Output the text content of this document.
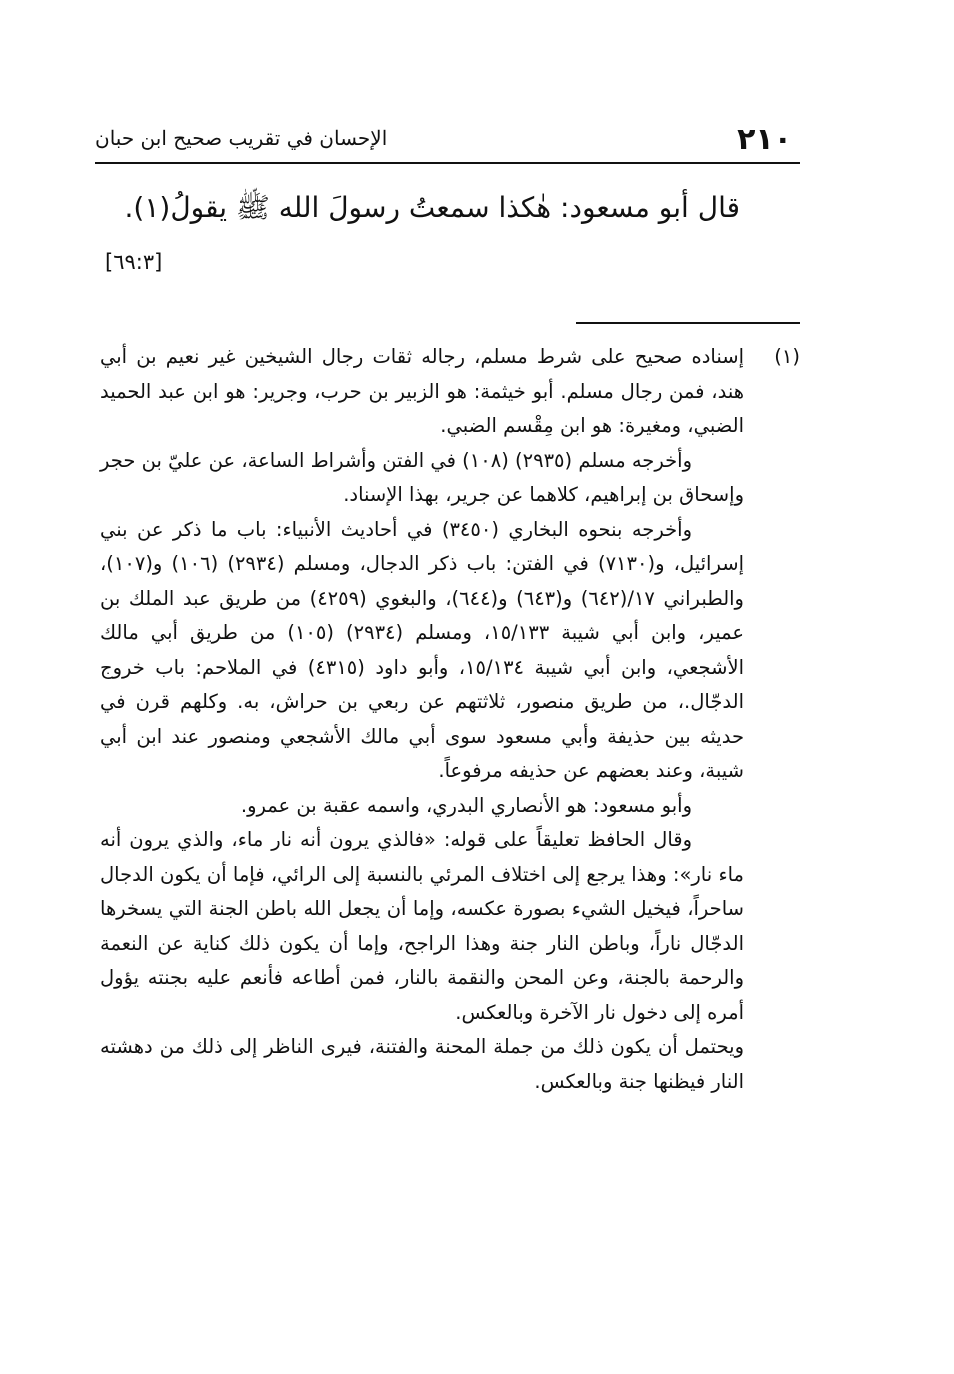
٢١٠
الإحسان في تقريب صحيح ابن حبان
قال أبو مسعود: هٰكذا سمعتُ رسولَ الله ﷺ يقولُ(١).
[٦٩:٣]
(١)

إسناده صحيح على شرط مسلم، رجاله ثقات رجال الشيخين غير نعيم بن أبي هند، فمن رجال مسلم. أبو خيثمة: هو الزبير بن حرب، وجرير: هو ابن عبد الحميد الضبي، ومغيرة: هو ابن مِقْسم الضبي.

وأخرجه مسلم (٢٩٣٥) (١٠٨) في الفتن وأشراط الساعة، عن عليّ بن حجر وإسحاق بن إبراهيم، كلاهما عن جرير، بهذا الإسناد.

وأخرجه بنحوه البخاري (٣٤٥٠) في أحاديث الأنبياء: باب ما ذكر عن بني إسرائيل، و(٧١٣٠) في الفتن: باب ذكر الدجال، ومسلم (٢٩٣٤) (١٠٦) و(١٠٧)، والطبراني ١٧/(٦٤٢) و(٦٤٣) و(٦٤٤)، والبغوي (٤٢٥٩) من طريق عبد الملك بن عمير، وابن أبي شيبة ١٥/١٣٣، ومسلم (٢٩٣٤) (١٠٥) من طريق أبي مالك الأشجعي، وابن أبي شيبة ١٥/١٣٤، وأبو داود (٤٣١٥) في الملاحم: باب خروج الدجّال.، من طريق منصور، ثلاثتهم عن ربعي بن حراش، به. وكلهم قرن في حديثه بين حذيفة وأبي مسعود سوى أبي مالك الأشجعي ومنصور عند ابن أبي شيبة، وعند بعضهم عن حذيفه مرفوعاً.

وأبو مسعود: هو الأنصاري البدري، واسمه عقبة بن عمرو.

وقال الحافظ تعليقاً على قوله: «فالذي يرون أنه نار ماء، والذي يرون أنه ماء نار»: وهذا يرجع إلى اختلاف المرئي بالنسبة إلى الرائي، فإما أن يكون الدجال ساحراً، فيخيل الشيء بصورة عكسه، وإما أن يجعل الله باطن الجنة التي يسخرها الدجّال ناراً، وباطن النار جنة وهذا الراجح، وإما أن يكون ذلك كناية عن النعمة والرحمة بالجنة، وعن المحن والنقمة بالنار، فمن أطاعه فأنعم عليه بجنته يؤول أمره إلى دخول نار الآخرة وبالعكس.

ويحتمل أن يكون ذلك من جملة المحنة والفتنة، فيرى الناظر إلى ذلك من دهشته النار فيظنها جنة وبالعكس.
